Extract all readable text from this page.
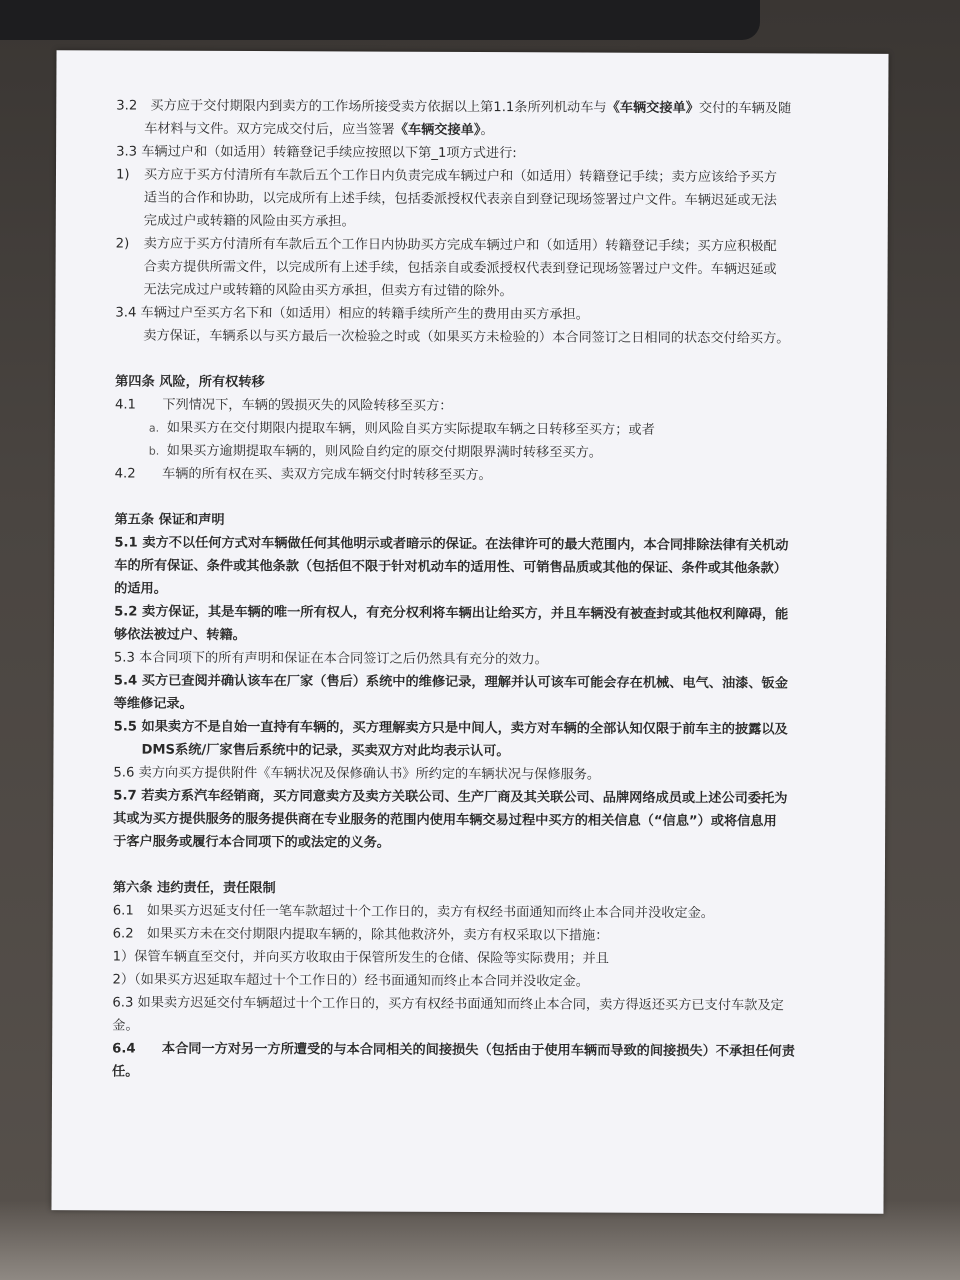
3.2　买方应于交付期限内到卖方的工作场所接受卖方依据以上第1.1条所列机动车与《车辆交接单》交付的车辆及随

车材料与文件。双方完成交付后，应当签署《车辆交接单》。

3.3 车辆过户和（如适用）转籍登记手续应按照以下第_1项方式进行:

1)	买方应于买方付清所有车款后五个工作日内负责完成车辆过户和（如适用）转籍登记手续；卖方应该给予买方

适当的合作和协助，以完成所有上述手续，包括委派授权代表亲自到登记现场签署过户文件。车辆迟延或无法

完成过户或转籍的风险由买方承担。

2)	卖方应于买方付清所有车款后五个工作日内协助买方完成车辆过户和（如适用）转籍登记手续；买方应积极配

合卖方提供所需文件，以完成所有上述手续，包括亲自或委派授权代表到登记现场签署过户文件。车辆迟延或

无法完成过户或转籍的风险由买方承担，但卖方有过错的除外。

3.4 车辆过户至买方名下和（如适用）相应的转籍手续所产生的费用由买方承担。

卖方保证，车辆系以与买方最后一次检验之时或（如果买方未检验的）本合同签订之日相同的状态交付给买方。

第四条 风险，所有权转移

4.1　　下列情况下，车辆的毁损灭失的风险转移至买方：

a. 如果买方在交付期限内提取车辆，则风险自买方实际提取车辆之日转移至买方；或者
b. 如果买方逾期提取车辆的，则风险自约定的原交付期限界满时转移至买方。

4.2　　车辆的所有权在买、卖双方完成车辆交付时转移至买方。

第五条 保证和声明

5.1 卖方不以任何方式对车辆做任何其他明示或者暗示的保证。在法律许可的最大范围内，本合同排除法律有关机动

车的所有保证、条件或其他条款（包括但不限于针对机动车的适用性、可销售品质或其他的保证、条件或其他条款）

的适用。

5.2 卖方保证，其是车辆的唯一所有权人，有充分权利将车辆出让给买方，并且车辆没有被查封或其他权利障碍，能

够依法被过户、转籍。

5.3 本合同项下的所有声明和保证在本合同签订之后仍然具有充分的效力。

5.4 买方已查阅并确认该车在厂家（售后）系统中的维修记录，理解并认可该车可能会存在机械、电气、油漆、钣金

等维修记录。

5.5 如果卖方不是自始一直持有车辆的，买方理解卖方只是中间人，卖方对车辆的全部认知仅限于前车主的披露以及

DMS系统/厂家售后系统中的记录，买卖双方对此均表示认可。

5.6 卖方向买方提供附件《车辆状况及保修确认书》所约定的车辆状况与保修服务。

5.7 若卖方系汽车经销商，买方同意卖方及卖方关联公司、生产厂商及其关联公司、品牌网络成员或上述公司委托为

其或为买方提供服务的服务提供商在专业服务的范围内使用车辆交易过程中买方的相关信息（“信息”）或将信息用

于客户服务或履行本合同项下的或法定的义务。

第六条 违约责任，责任限制

6.1　如果买方迟延支付任一笔车款超过十个工作日的，卖方有权经书面通知而终止本合同并没收定金。

6.2　如果买方未在交付期限内提取车辆的，除其他救济外，卖方有权采取以下措施：

1）保管车辆直至交付，并向买方收取由于保管所发生的仓储、保险等实际费用；并且

2）（如果买方迟延取车超过十个工作日的）经书面通知而终止本合同并没收定金。

6.3 如果卖方迟延交付车辆超过十个工作日的，买方有权经书面通知而终止本合同，卖方得返还买方已支付车款及定

金。

6.4　　本合同一方对另一方所遭受的与本合同相关的间接损失（包括由于使用车辆而导致的间接损失）不承担任何责

任。
